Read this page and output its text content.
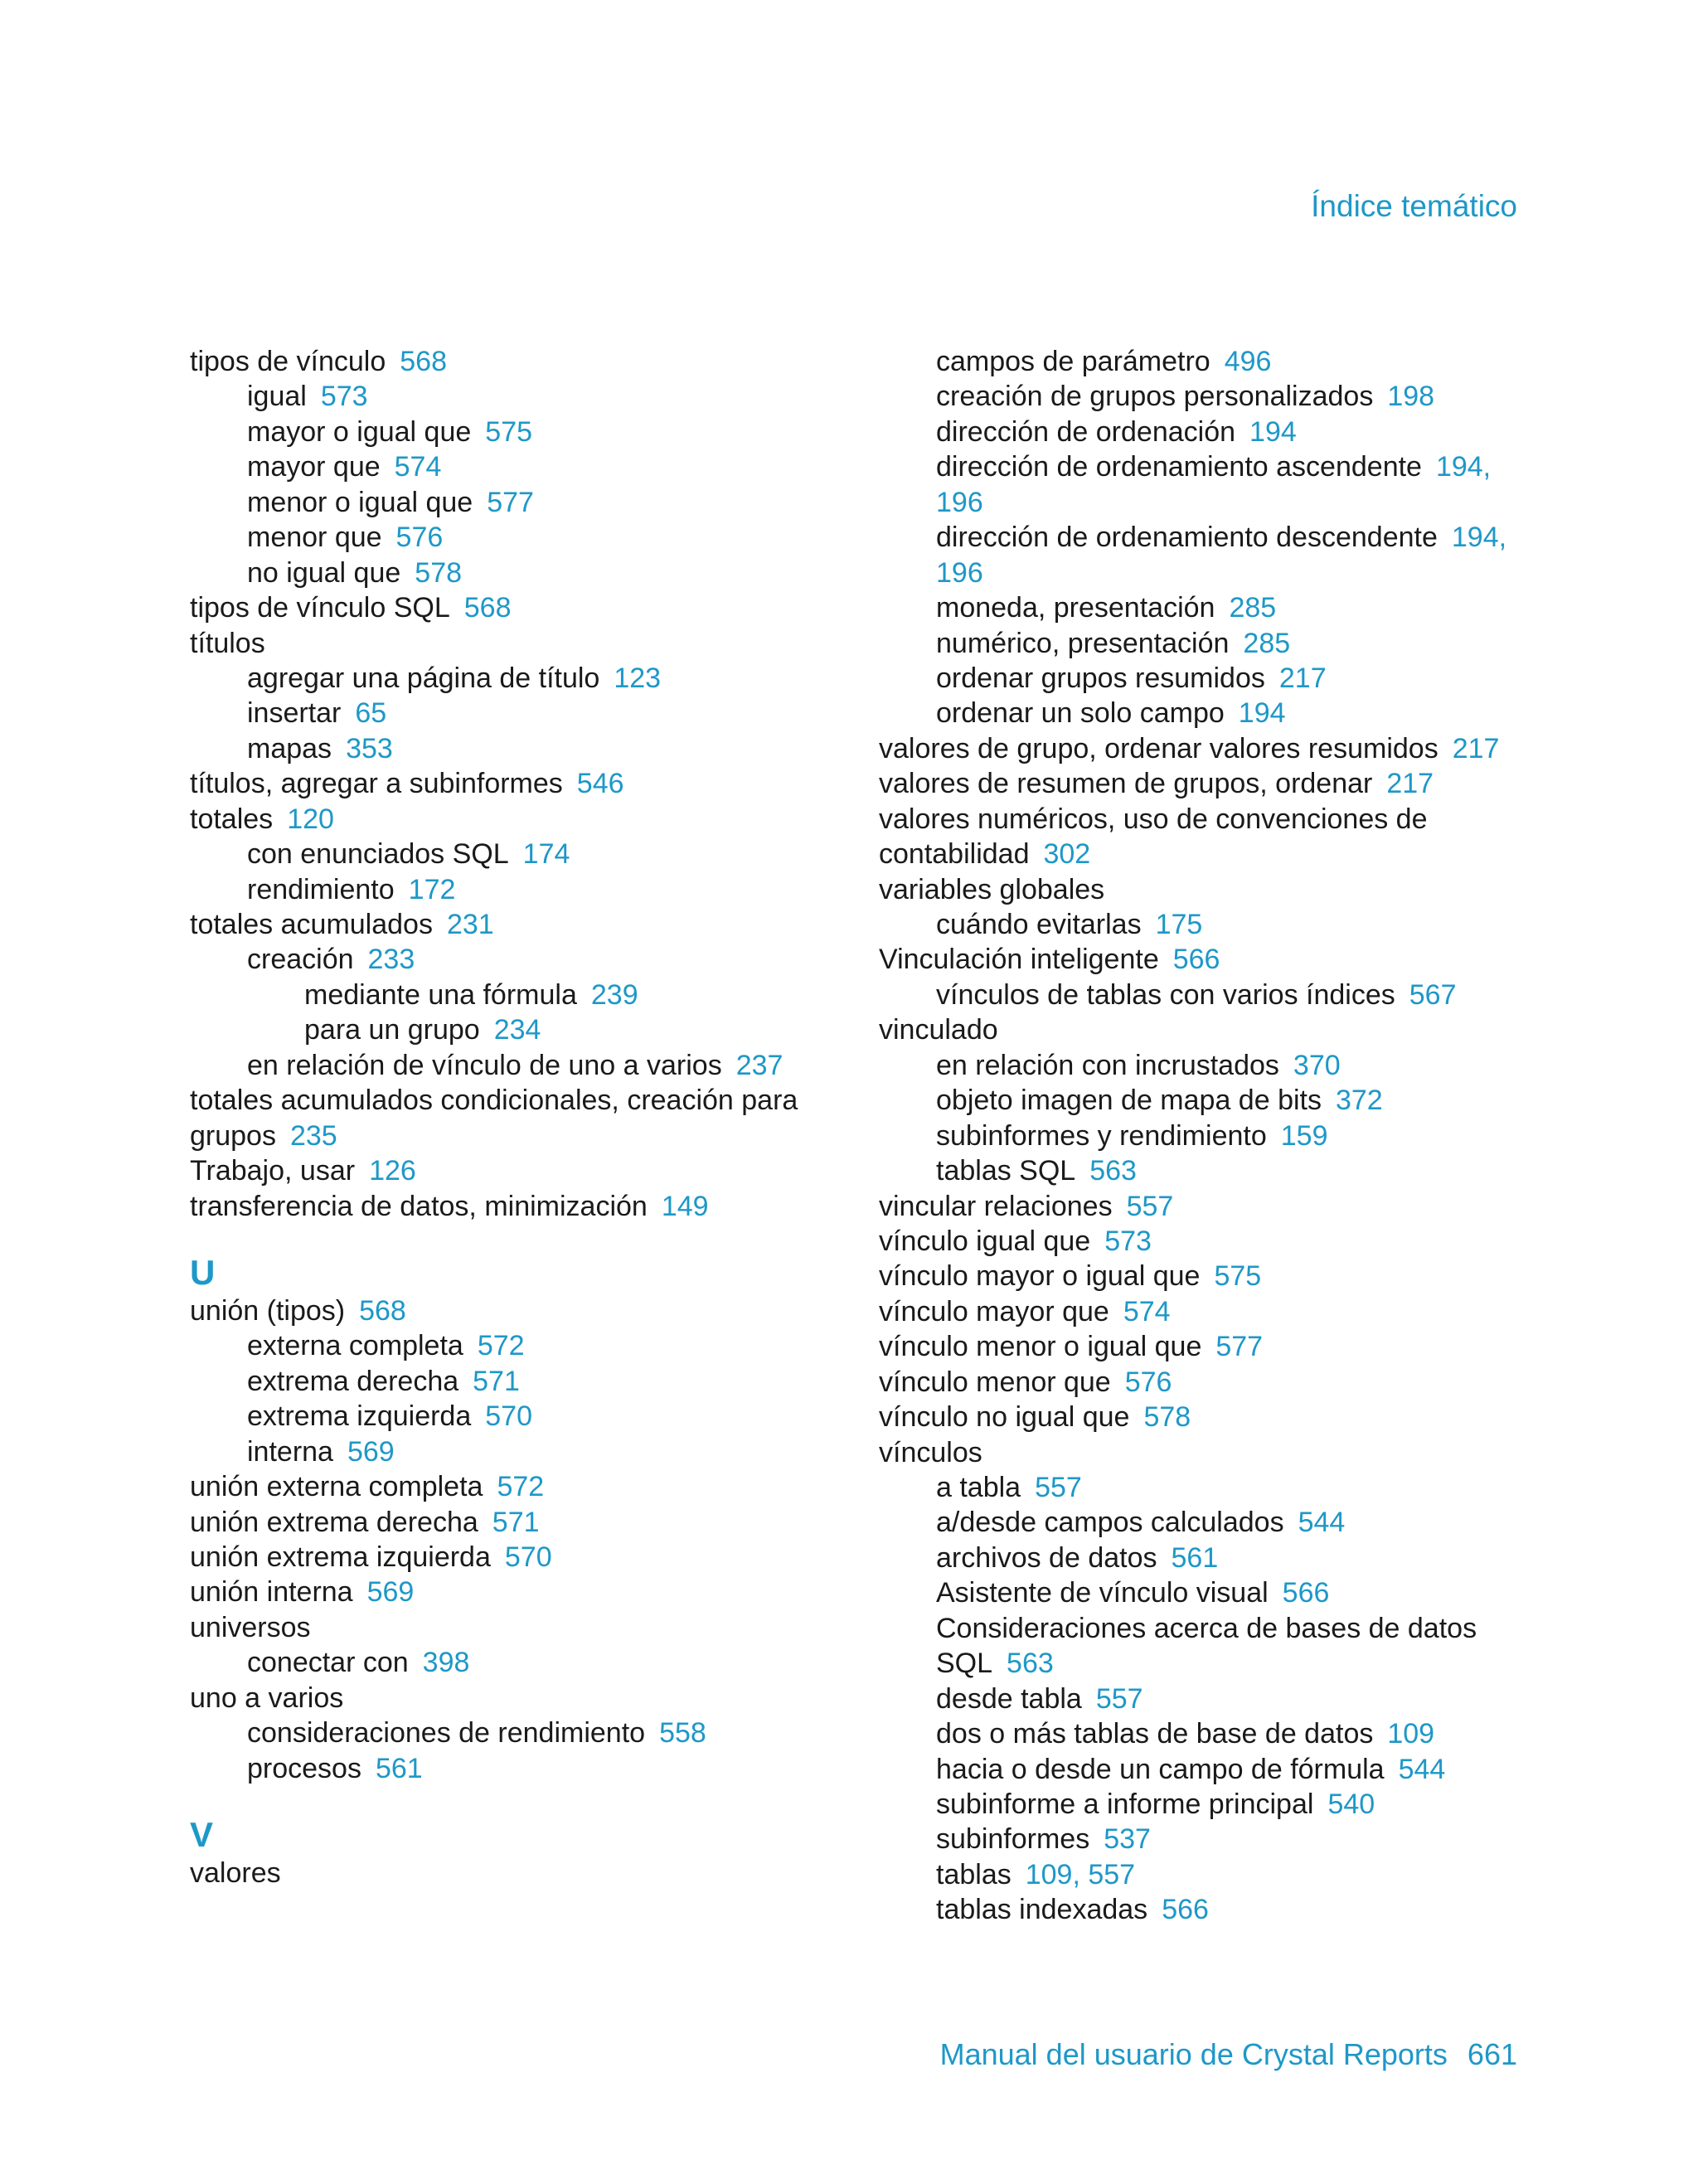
Índice temático
tipos de vínculo 568
igual 573
mayor o igual que 575
mayor que 574
menor o igual que 577
menor que 576
no igual que 578
tipos de vínculo SQL 568
títulos
agregar una página de título 123
insertar 65
mapas 353
títulos, agregar a subinformes 546
totales 120
con enunciados SQL 174
rendimiento 172
totales acumulados 231
creación 233
mediante una fórmula 239
para un grupo 234
en relación de vínculo de uno a varios 237
totales acumulados condicionales, creación para
grupos 235
Trabajo, usar 126
transferencia de datos, minimización 149
U
unión (tipos) 568
externa completa 572
extrema derecha 571
extrema izquierda 570
interna 569
unión externa completa 572
unión extrema derecha 571
unión extrema izquierda 570
unión interna 569
universos
conectar con 398
uno a varios
consideraciones de rendimiento 558
procesos 561
V
valores
campos de parámetro 496
creación de grupos personalizados 198
dirección de ordenación 194
dirección de ordenamiento ascendente 194,
196
dirección de ordenamiento descendente 194,
196
moneda, presentación 285
numérico, presentación 285
ordenar grupos resumidos 217
ordenar un solo campo 194
valores de grupo, ordenar valores resumidos 217
valores de resumen de grupos, ordenar 217
valores numéricos, uso de convenciones de
contabilidad 302
variables globales
cuándo evitarlas 175
Vinculación inteligente 566
vínculos de tablas con varios índices 567
vinculado
en relación con incrustados 370
objeto imagen de mapa de bits 372
subinformes y rendimiento 159
tablas SQL 563
vincular relaciones 557
vínculo igual que 573
vínculo mayor o igual que 575
vínculo mayor que 574
vínculo menor o igual que 577
vínculo menor que 576
vínculo no igual que 578
vínculos
a tabla 557
a/desde campos calculados 544
archivos de datos 561
Asistente de vínculo visual 566
Consideraciones acerca de bases de datos
SQL 563
desde tabla 557
dos o más tablas de base de datos 109
hacia o desde un campo de fórmula 544
subinforme a informe principal 540
subinformes 537
tablas 109, 557
tablas indexadas 566
Manual del usuario de Crystal Reports 661
